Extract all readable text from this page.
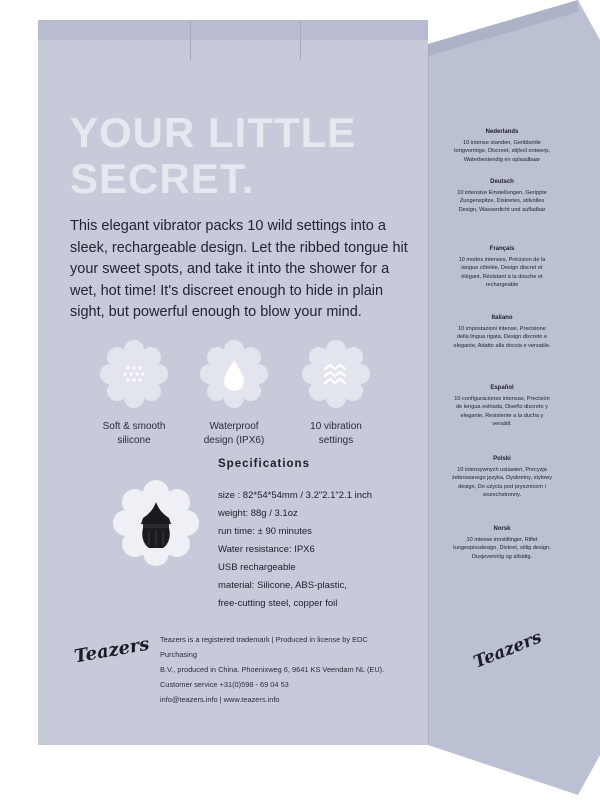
YOUR LITTLE
SECRET.

This elegant vibrator packs 10 wild settings into a sleek, rechargeable design. Let the ribbed tongue hit your sweet spots, and take it into the shower for a wet, hot time! It's discreet enough to hide in plain sight, but powerful enough to blow your mind.

Soft & smooth
silicone
Waterproof
design (IPX6)
10 vibration
settings
Specifications
size : 82*54*54mm / 3.2"2.1"2.1 inch
weight: 88g / 3.1oz
run time: ± 90 minutes
Water resistance: IPX6
USB rechargeable
material: Silicone, ABS-plastic,
free-cutting steel, copper foil
Teazers Teazers is a registered trademark | Produced in license by EDC Purchasing
B.V., produced in China. Phoenixweg 6, 9641 KS Veendam NL (EU).
Customer service +31(0)598 - 69 04 53
info@teazers.info | www.teazers.info
Nederlands
10 intense standen, Geribbelde tongvormige, Discreet, stijlvol ontwerp, Waterbestendig en oplaadbaar
Deutsch
10 intensive Einstellungen, Gerippte Zungenspitze, Diskretes, stilvolles Design, Wasserdicht und aufladbar
Français
10 modes intenses, Précision de la langue côtelée, Design discret et élégant, Résistant à la douche et rechargeable
Italiano
10 impostazioni intense, Precisione della lingua rigata, Design discreto e elegante, Adatto alla doccia e versatile.
Español
10 configuraciones intensas, Precisión de lengua estriada, Diseño discreto y elegante, Resistente a la ducha y versátil.
Polski
10 intensywnych ustawień, Precyzja żebrowanego języka, Dyskretny, stylowy design, Do użycia pod prysznicem i wszechstronny.
Norsk
10 intense innstillinger, Riflet tungespissdesign, Diskret, stilig design, Dusjevennlig og allsidig.
Teazers
